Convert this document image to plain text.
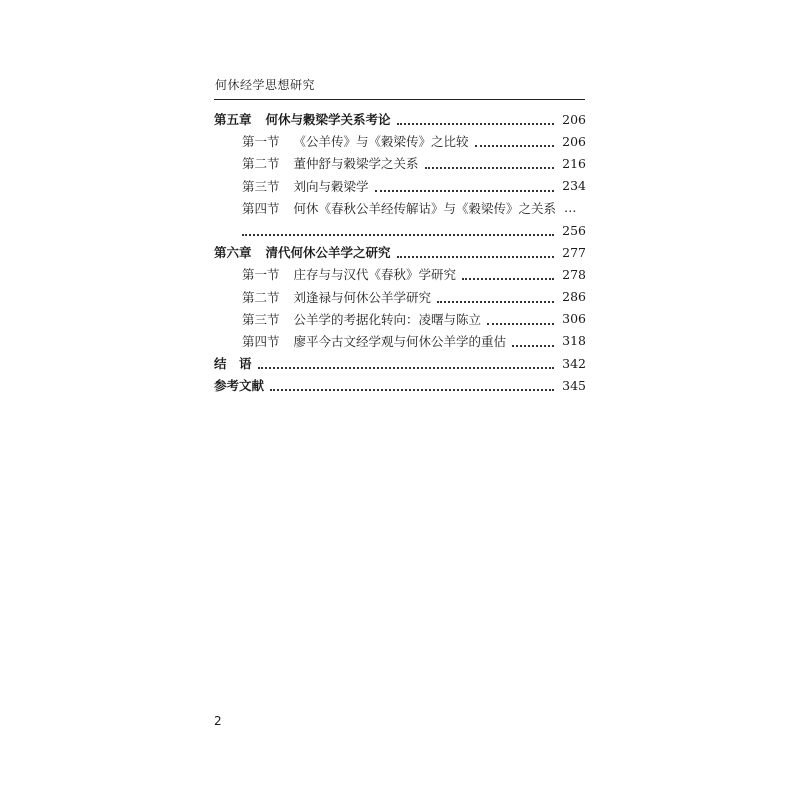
何休经学思想研究
第五章 何休与穀梁学关系考论	206
第一节 《公羊传》与《穀梁传》之比较	206
第二节 董仲舒与穀梁学之关系	216
第三节 刘向与穀梁学	234
第四节 何休《春秋公羊经传解诂》与《穀梁传》之关系 …
256
第六章 清代何休公羊学之研究	277
第一节 庄存与与汉代《春秋》学研究	278
第二节 刘逢禄与何休公羊学研究	286
第三节 公羊学的考据化转向：凌曙与陈立	306
第四节 廖平今古文经学观与何休公羊学的重估	318
结　语	342
参考文献	345
2
